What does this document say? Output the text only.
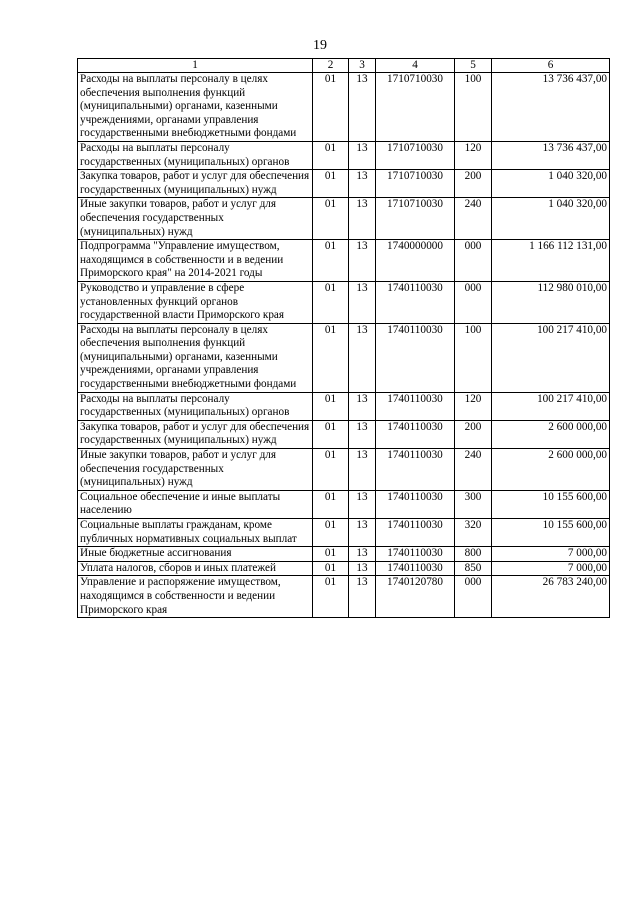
19
1	2	3	4	5	6
Расходы на выплаты персоналу в целях обеспечения выполнения функций (муниципальными) органами, казенными учреждениями, органами управления государственными внебюджетными фондами	01	13	1710710030	100	13 736 437,00
Расходы на выплаты персоналу государственных (муниципальных) органов	01	13	1710710030	120	13 736 437,00
Закупка товаров, работ и услуг для обеспечения государственных (муниципальных) нужд	01	13	1710710030	200	1 040 320,00
Иные закупки товаров, работ и услуг для обеспечения государственных (муниципальных) нужд	01	13	1710710030	240	1 040 320,00
Подпрограмма "Управление имуществом, находящимся в собственности и в ведении Приморского края" на 2014-2021 годы	01	13	1740000000	000	1 166 112 131,00
Руководство и управление в сфере установленных функций органов государственной власти Приморского края	01	13	1740110030	000	112 980 010,00
Расходы на выплаты персоналу в целях обеспечения выполнения функций (муниципальными) органами, казенными учреждениями, органами управления государственными внебюджетными фондами	01	13	1740110030	100	100 217 410,00
Расходы на выплаты персоналу государственных (муниципальных) органов	01	13	1740110030	120	100 217 410,00
Закупка товаров, работ и услуг для обеспечения государственных (муниципальных) нужд	01	13	1740110030	200	2 600 000,00
Иные закупки товаров, работ и услуг для обеспечения государственных (муниципальных) нужд	01	13	1740110030	240	2 600 000,00
Социальное обеспечение и иные выплаты населению	01	13	1740110030	300	10 155 600,00
Социальные выплаты гражданам, кроме публичных нормативных социальных выплат	01	13	1740110030	320	10 155 600,00
Иные бюджетные ассигнования	01	13	1740110030	800	7 000,00
Уплата налогов, сборов и иных платежей	01	13	1740110030	850	7 000,00
Управление и распоряжение имуществом, находящимся в собственности и ведении Приморского края	01	13	1740120780	000	26 783 240,00
